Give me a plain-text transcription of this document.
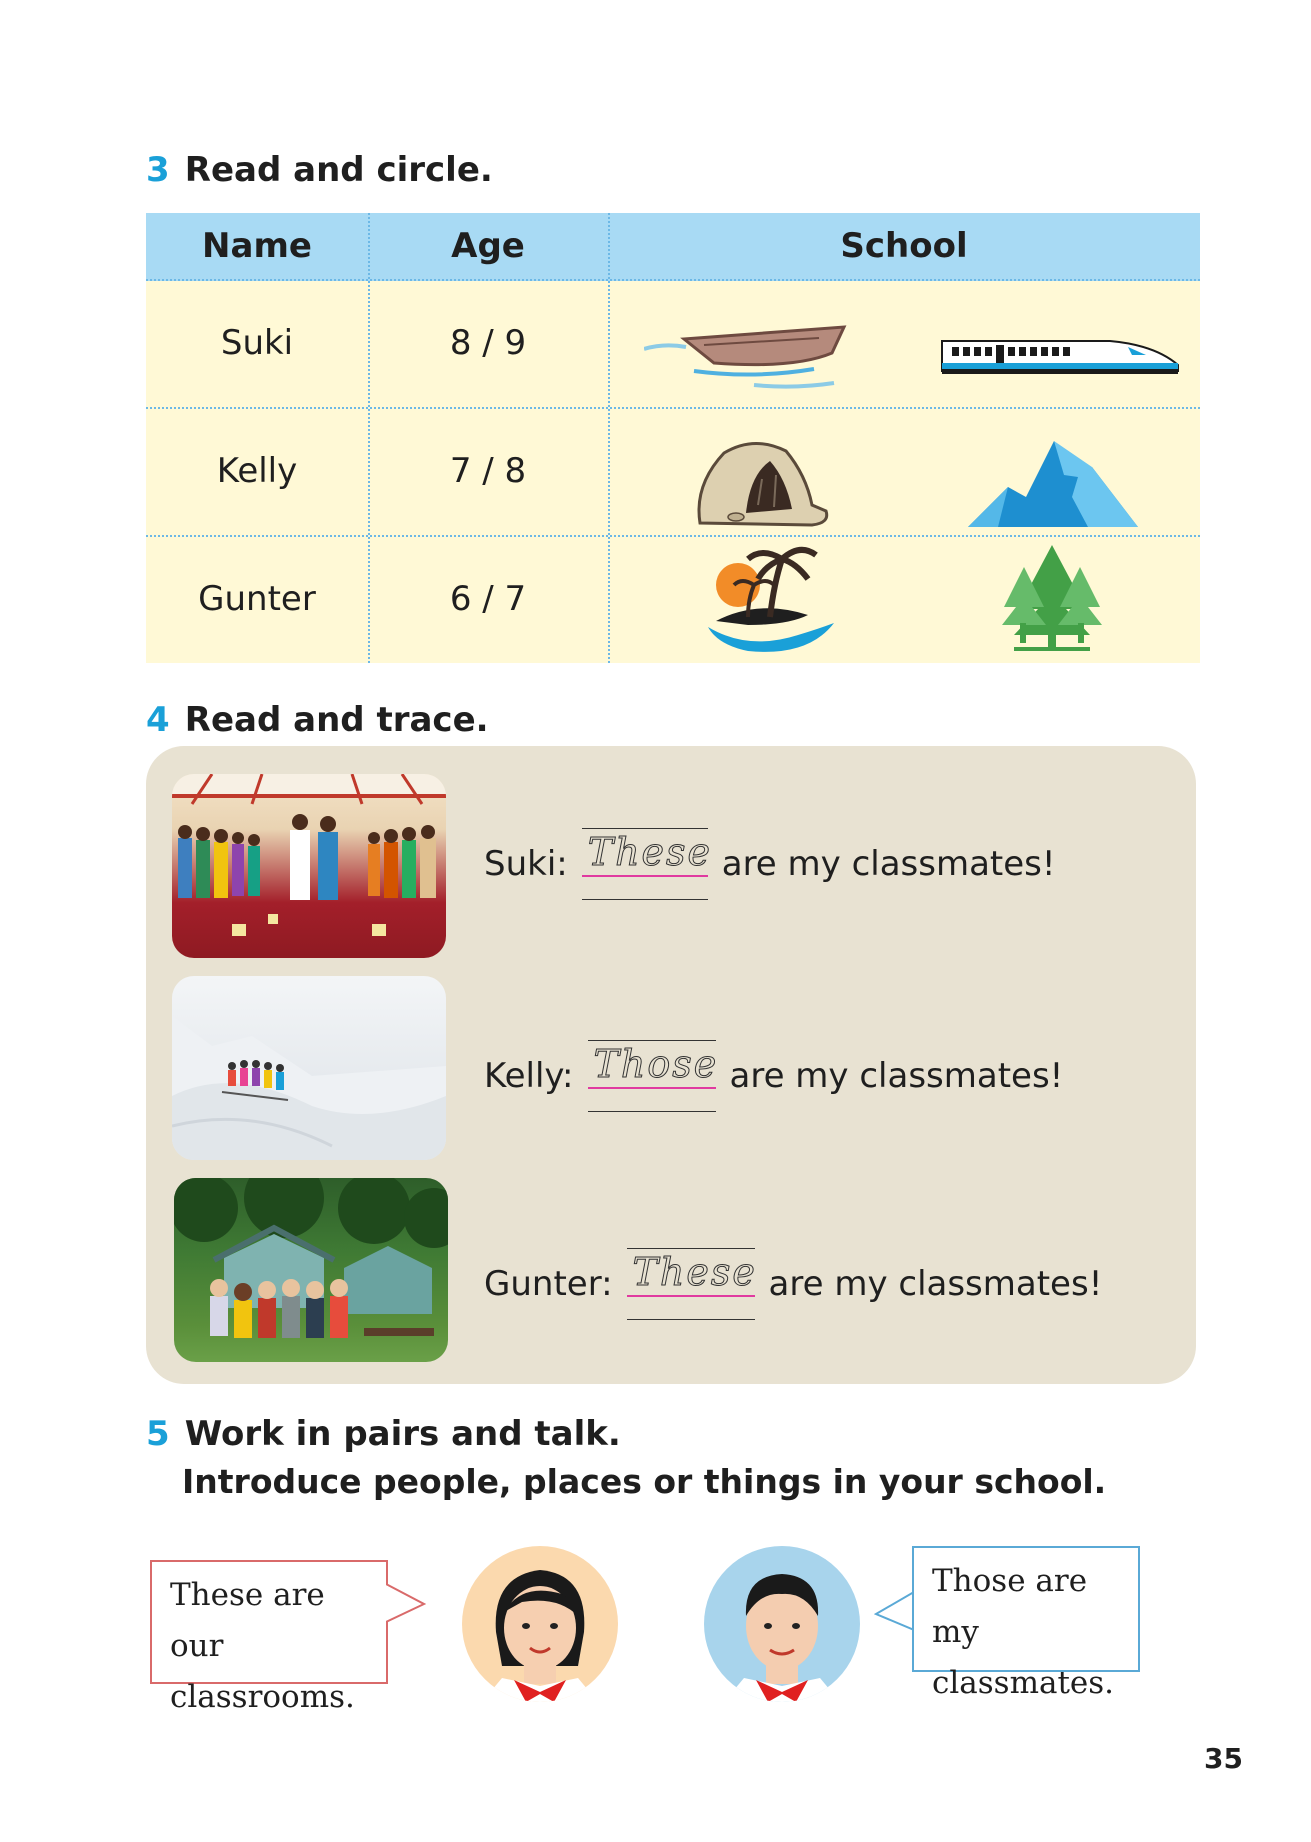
3 Read and circle.
Name	Age	School
Suki	8 / 9
Kelly	7 / 8
Gunter	6 / 7
4 Read and trace.
Suki: These are my classmates!
Kelly: Those are my classmates!
Gunter: These are my classmates!
5 Work in pairs and talk.
Introduce people, places or things in your school.
These are our
classrooms.
Those are my
classmates.
35
